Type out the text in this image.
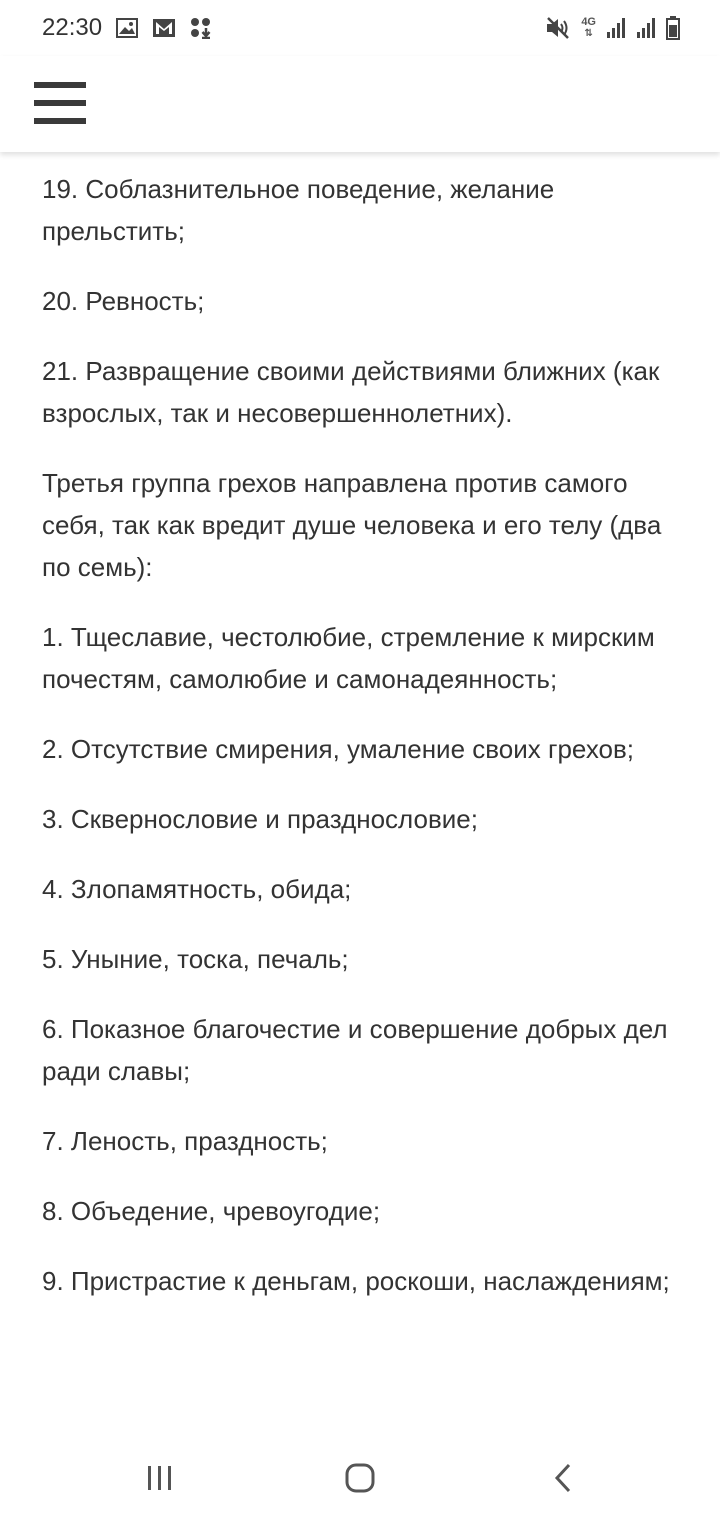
22:30	4G
⇅

19. Соблазнительное поведение, желание прельстить;

20. Ревность;

21. Развращение своими действиями ближних (как взрослых, так и несовершеннолетних).

Третья группа грехов направлена против самого себя, так как вредит душе человека и его телу (два по семь):

1. Тщеславие, честолюбие, стремление к мирским почестям, самолюбие и самонадеянность;

2. Отсутствие смирения, умаление своих грехов;

3. Сквернословие и празднословие;

4. Злопамятность, обида;

5. Уныние, тоска, печаль;

6. Показное благочестие и совершение добрых дел ради славы;

7. Леность, праздность;

8. Объедение, чревоугодие;

9. Пристрастие к деньгам, роскоши, наслаждениям;
